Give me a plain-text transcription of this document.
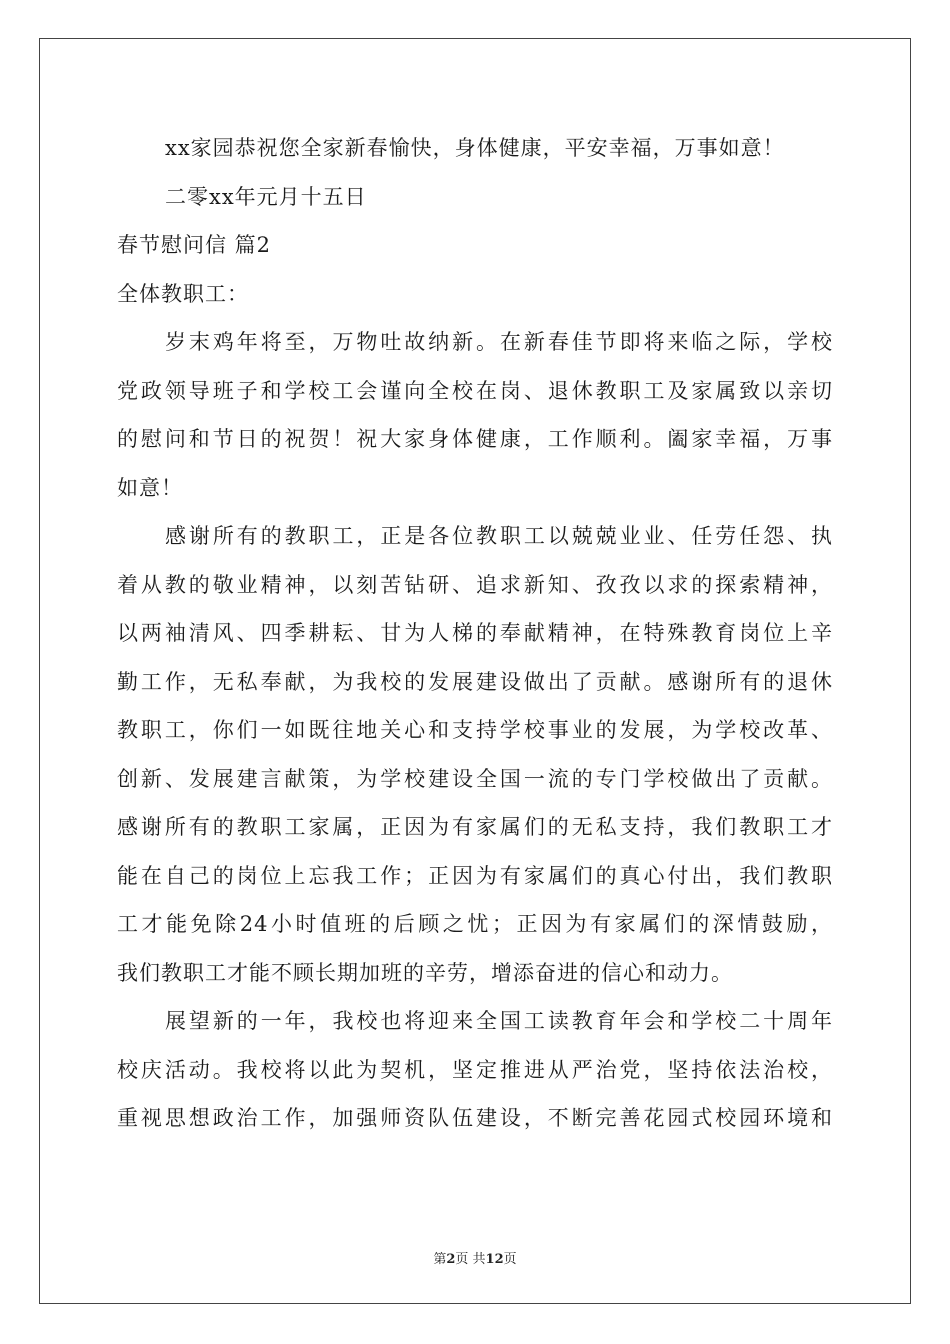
xx家园恭祝您全家新春愉快，身体健康，平安幸福，万事如意！
二零xx年元月十五日
春节慰问信 篇2
全体教职工：
岁末鸡年将至，万物吐故纳新。在新春佳节即将来临之际，学校
党政领导班子和学校工会谨向全校在岗、退休教职工及家属致以亲切
的慰问和节日的祝贺！祝大家身体健康，工作顺利。阖家幸福，万事
如意！
感谢所有的教职工，正是各位教职工以兢兢业业、任劳任怨、执
着从教的敬业精神，以刻苦钻研、追求新知、孜孜以求的探索精神，
以两袖清风、四季耕耘、甘为人梯的奉献精神，在特殊教育岗位上辛
勤工作，无私奉献，为我校的发展建设做出了贡献。感谢所有的退休
教职工，你们一如既往地关心和支持学校事业的发展，为学校改革、
创新、发展建言献策，为学校建设全国一流的专门学校做出了贡献。
感谢所有的教职工家属，正因为有家属们的无私支持，我们教职工才
能在自己的岗位上忘我工作；正因为有家属们的真心付出，我们教职
工才能免除24小时值班的后顾之忧；正因为有家属们的深情鼓励，
我们教职工才能不顾长期加班的辛劳，增添奋进的信心和动力。
展望新的一年，我校也将迎来全国工读教育年会和学校二十周年
校庆活动。我校将以此为契机，坚定推进从严治党，坚持依法治校，
重视思想政治工作，加强师资队伍建设，不断完善花园式校园环境和
第2页 共12页
